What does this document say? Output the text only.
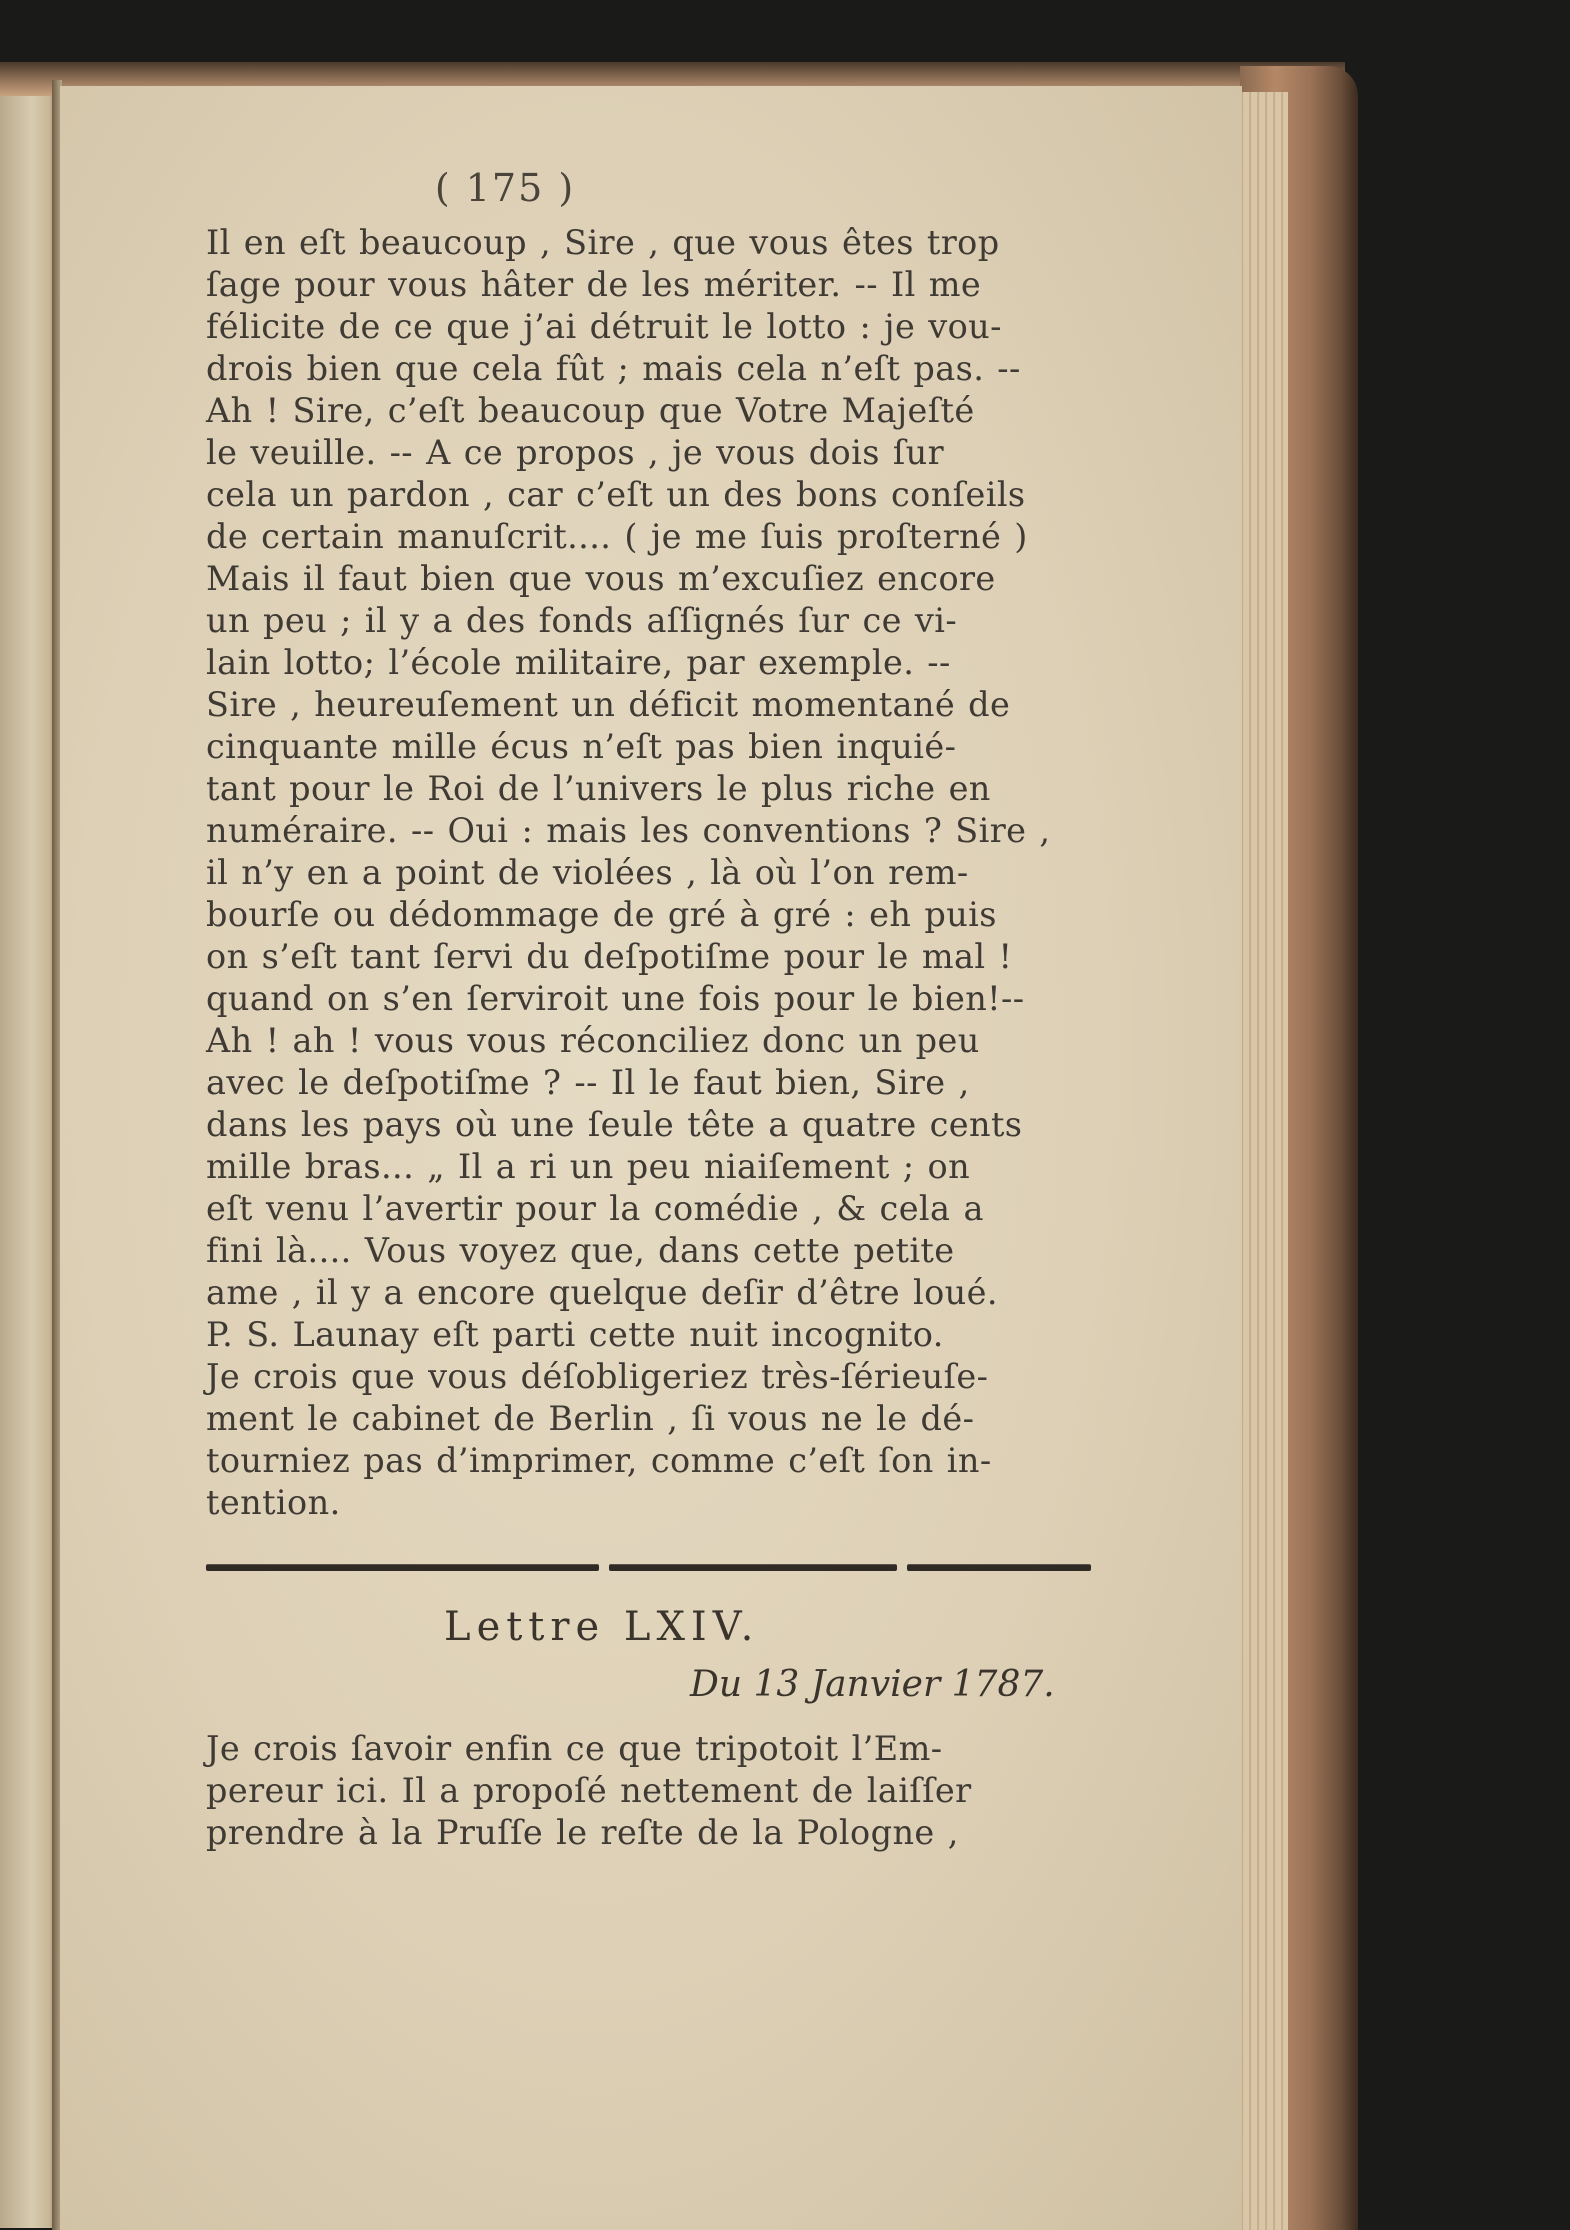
( 175 )
Il en eſt beaucoup , Sire , que vous êtes trop
ſage pour vous hâter de les mériter. -- Il me
félicite de ce que j’ai détruit le lotto : je vou-
drois bien que cela fût ; mais cela n’eſt pas. --
Ah ! Sire, c’eſt beaucoup que Votre Majeſté
le veuille. -- A ce propos , je vous dois ſur
cela un pardon , car c’eſt un des bons conſeils
de certain manuſcrit.... ( je me ſuis proſterné )
Mais il faut bien que vous m’excuſiez encore
un peu ; il y a des fonds aſſignés ſur ce vi-
lain lotto; l’école militaire, par exemple. --
Sire , heureuſement un déficit momentané de
cinquante mille écus n’eſt pas bien inquié-
tant pour le Roi de l’univers le plus riche en
numéraire. -- Oui : mais les conventions ? Sire ,
il n’y en a point de violées , là où l’on rem-
bourſe ou dédommage de gré à gré : eh puis
on s’eſt tant ſervi du deſpotiſme pour le mal !
quand on s’en ſerviroit une fois pour le bien!--
Ah ! ah ! vous vous réconciliez donc un peu
avec le deſpotiſme ? -- Il le faut bien, Sire ,
dans les pays où une ſeule tête a quatre cents
mille bras... „ Il a ri un peu niaiſement ; on
eſt venu l’avertir pour la comédie , & cela a
fini là.... Vous voyez que, dans cette petite
ame , il y a encore quelque deſir d’être loué.
P. S. Launay eſt parti cette nuit incognito.
Je crois que vous déſobligeriez très-ſérieuſe-
ment le cabinet de Berlin , ſi vous ne le dé-
tourniez pas d’imprimer, comme c’eſt ſon in-
tention.
Lettre LXIV.
Du 13 Janvier 1787.
Je crois ſavoir enfin ce que tripotoit l’Em-
pereur ici. Il a propoſé nettement de laiſſer
prendre à la Pruſſe le reſte de la Pologne ,
